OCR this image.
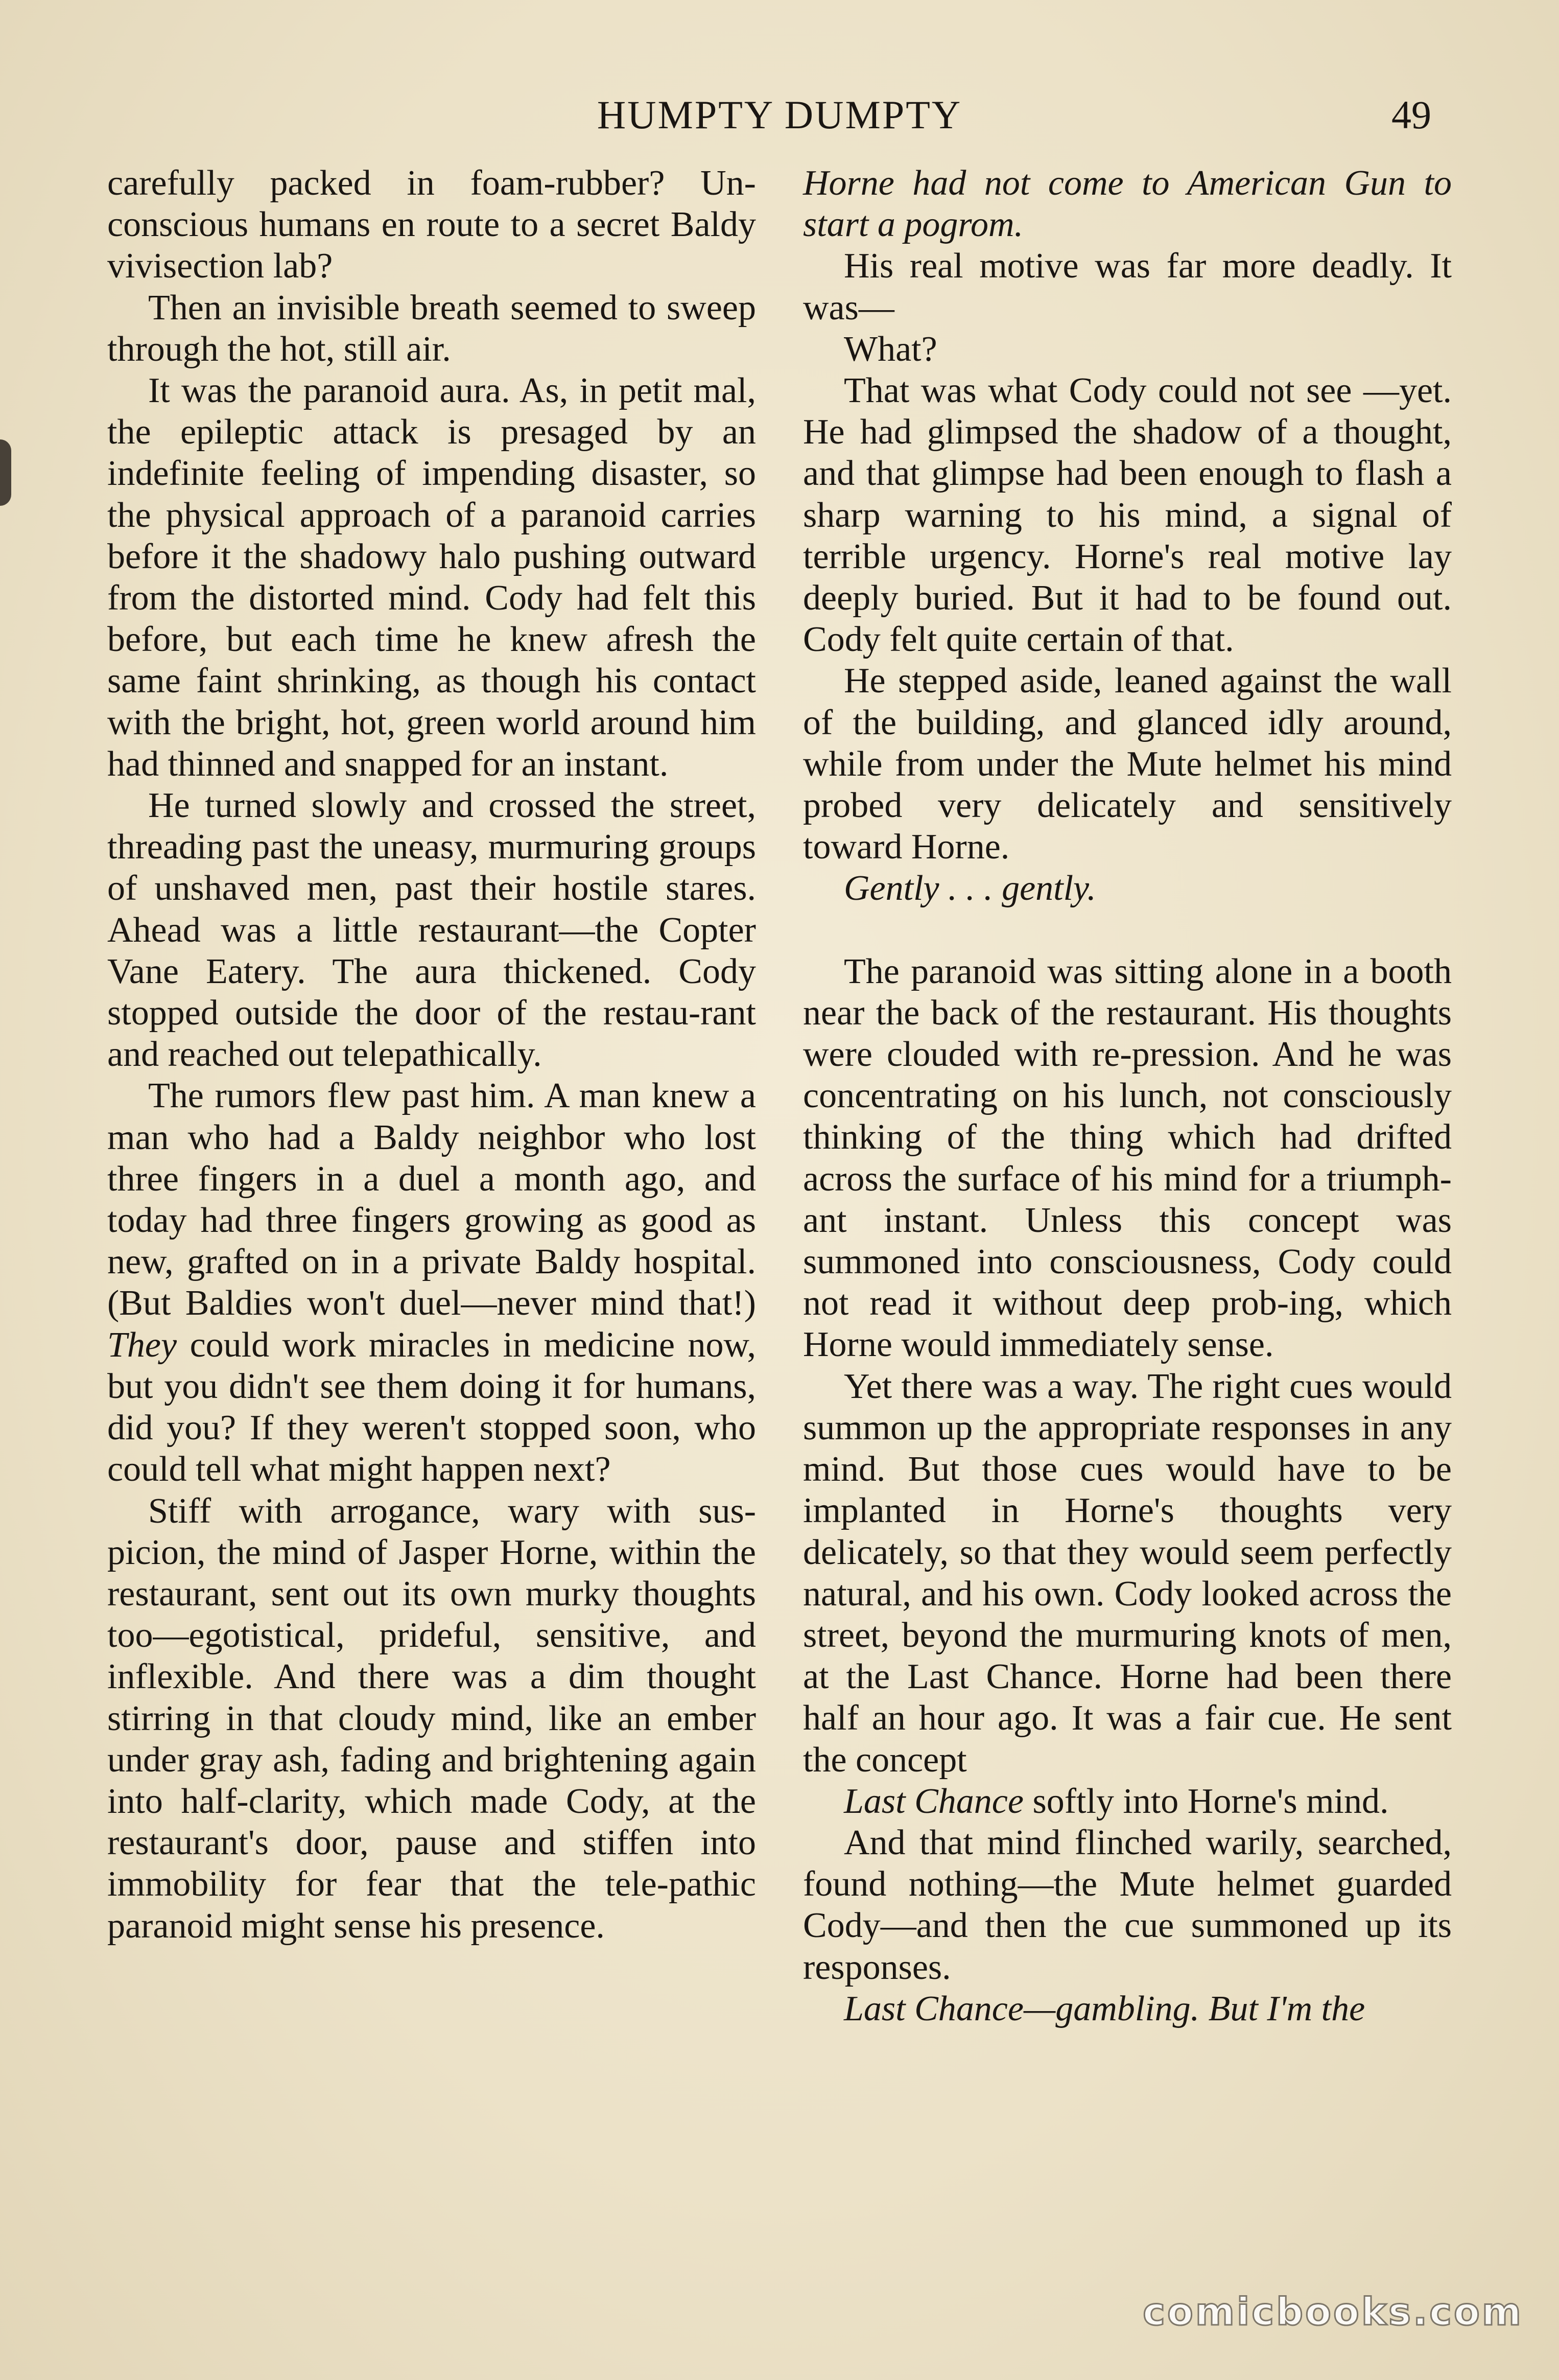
HUMPTY DUMPTY	49

carefully packed in foam-rubber? Un-conscious humans en route to a secret Baldy vivisection lab?

Then an invisible breath seemed to sweep through the hot, still air.

It was the paranoid aura. As, in petit mal, the epileptic attack is presaged by an indefinite feeling of impending disaster, so the physical approach of a paranoid carries before it the shadowy halo pushing outward from the distorted mind. Cody had felt this before, but each time he knew afresh the same faint shrinking, as though his contact with the bright, hot, green world around him had thinned and snapped for an instant.

He turned slowly and crossed the street, threading past the uneasy, murmuring groups of unshaved men, past their hostile stares. Ahead was a little restaurant—the Copter Vane Eatery. The aura thickened. Cody stopped outside the door of the restau-rant and reached out telepathically.

The rumors flew past him. A man knew a man who had a Baldy neighbor who lost three fingers in a duel a month ago, and today had three fingers growing as good as new, grafted on in a private Baldy hospital. (But Baldies won't duel—never mind that!) They could work miracles in medicine now, but you didn't see them doing it for humans, did you? If they weren't stopped soon, who could tell what might happen next?

Stiff with arrogance, wary with sus-picion, the mind of Jasper Horne, within the restaurant, sent out its own murky thoughts too—egotistical, prideful, sensitive, and inflexible. And there was a dim thought stirring in that cloudy mind, like an ember under gray ash, fading and brightening again into half-clarity, which made Cody, at the restaurant's door, pause and stiffen into immobility for fear that the tele-pathic paranoid might sense his presence.

Horne had not come to American Gun to start a pogrom.

His real motive was far more deadly. It was—

What?

That was what Cody could not see —yet. He had glimpsed the shadow of a thought, and that glimpse had been enough to flash a sharp warning to his mind, a signal of terrible urgency. Horne's real motive lay deeply buried. But it had to be found out. Cody felt quite certain of that.

He stepped aside, leaned against the wall of the building, and glanced idly around, while from under the Mute helmet his mind probed very delicately and sensitively toward Horne.

Gently . . . gently.

The paranoid was sitting alone in a booth near the back of the restaurant. His thoughts were clouded with re-pression. And he was concentrating on his lunch, not consciously thinking of the thing which had drifted across the surface of his mind for a triumph-ant instant. Unless this concept was summoned into consciousness, Cody could not read it without deep prob-ing, which Horne would immediately sense.

Yet there was a way. The right cues would summon up the appropriate responses in any mind. But those cues would have to be implanted in Horne's thoughts very delicately, so that they would seem perfectly natural, and his own. Cody looked across the street, beyond the murmuring knots of men, at the Last Chance. Horne had been there half an hour ago. It was a fair cue. He sent the concept

Last Chance softly into Horne's mind.

And that mind flinched warily, searched, found nothing—the Mute helmet guarded Cody—and then the cue summoned up its responses.

Last Chance—gambling. But I'm the

comicbooks.com
